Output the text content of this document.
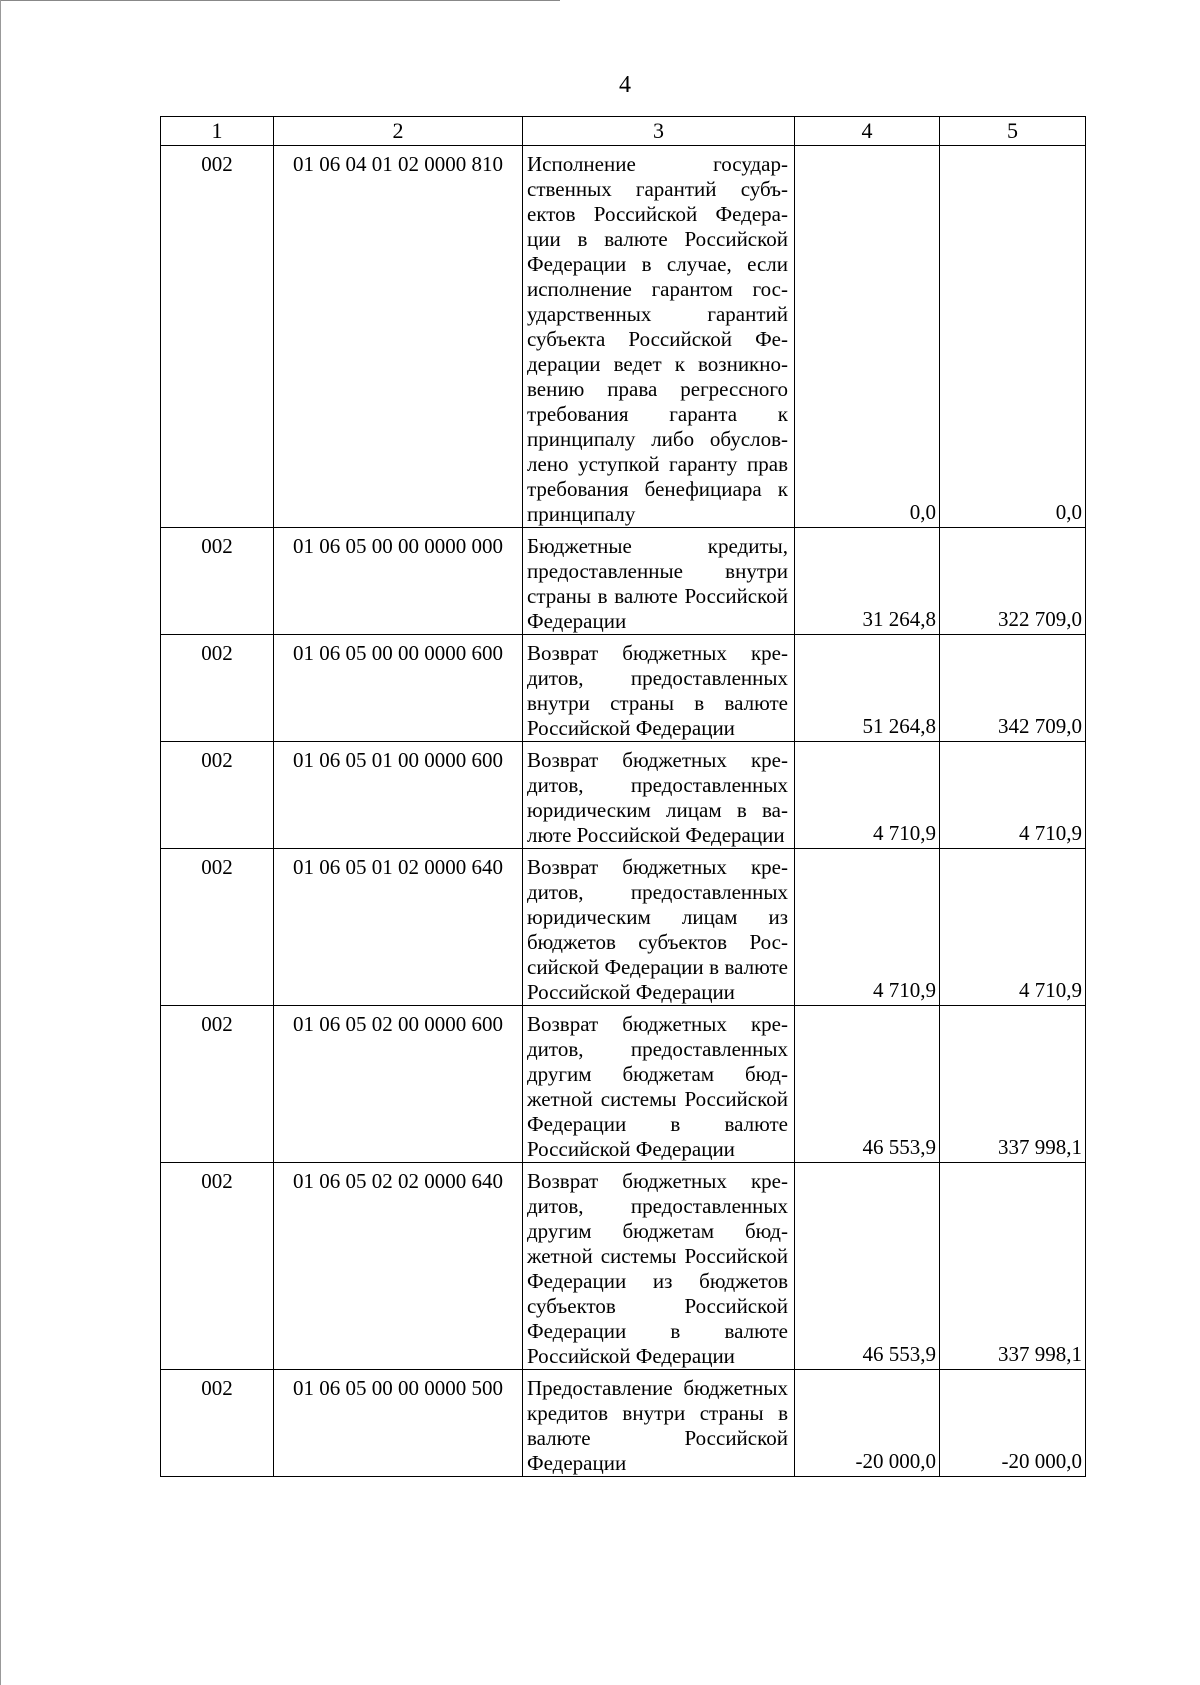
4
1	2	3	4	5
002	01 06 04 01 02 0000 810	Исполнение государственных гарантий субъектов Российской Федерации в валюте Российской Федерации в случае, если исполнение гарантом государственных гарантий субъекта Российской Федерации ведет к возникновению права регрессного требования гаранта к принципалу либо обусловлено уступкой гаранту прав требования бенефициара к принципалу	0,0	0,0
002	01 06 05 00 00 0000 000	Бюджетные кредиты, предоставленные внутри страны в валюте Российской Федерации	31 264,8	322 709,0
002	01 06 05 00 00 0000 600	Возврат бюджетных кредитов, предоставленных внутри страны в валюте Российской Федерации	51 264,8	342 709,0
002	01 06 05 01 00 0000 600	Возврат бюджетных кредитов, предоставленных юридическим лицам в валюте Российской Федерации	4 710,9	4 710,9
002	01 06 05 01 02 0000 640	Возврат бюджетных кредитов, предоставленных юридическим лицам из бюджетов субъектов Российской Федерации в валюте Российской Федерации	4 710,9	4 710,9
002	01 06 05 02 00 0000 600	Возврат бюджетных кредитов, предоставленных другим бюджетам бюджетной системы Российской Федерации в валюте Российской Федерации	46 553,9	337 998,1
002	01 06 05 02 02 0000 640	Возврат бюджетных кредитов, предоставленных другим бюджетам бюджетной системы Российской Федерации из бюджетов субъектов Российской Федерации в валюте Российской Федерации	46 553,9	337 998,1
002	01 06 05 00 00 0000 500	Предоставление бюджетных кредитов внутри страны в валюте Российской Федерации	-20 000,0	-20 000,0
